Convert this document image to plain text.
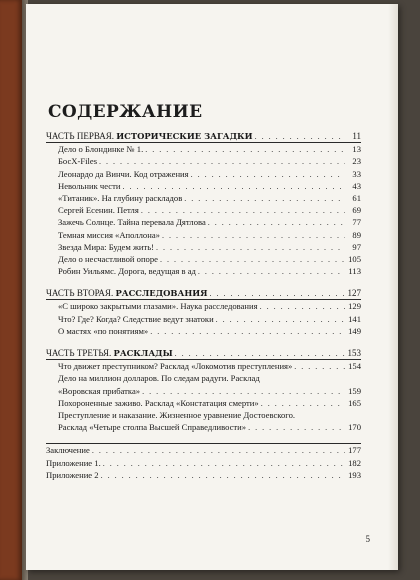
СОДЕРЖАНИЕ
ЧАСТЬ ПЕРВАЯ. ИСТОРИЧЕСКИЕ ЗАГАДКИ . . .	11
Дело о Блондинке № 1. . . .	13
БосХ-Files . . .	23
Леонардо да Винчи. Код отражения . . .	33
Невольник чести . . .	43
«Титаник». На глубину раскладов . . .	61
Сергей Есенин. Петля . . .	69
Зажечь Солнце. Тайна перевала Дятлова . . .	77
Темная миссия «Аполлона» . . .	89
Звезда Мира: Будем жить! . . .	97
Дело о несчастливой опоре . . .	105
Робин Уильямс. Дорога, ведущая в ад . . .	113
ЧАСТЬ ВТОРАЯ. РАССЛЕДОВАНИЯ . . .	127
«С широко закрытыми глазами». Наука расследования . . .	129
Что? Где? Когда? Следствие ведут знатоки . . .	141
О мастях «по понятиям» . . .	149
ЧАСТЬ ТРЕТЬЯ. РАСКЛАДЫ . . .	153
Что движет преступником? Расклад «Локомотив преступления» . . .	154
Дело на миллион долларов. По следам радуги. Расклад
«Воровская прибатка» . . .	159
Похороненные заживо. Расклад «Констатация смерти» . . .	165
Преступление и наказание. Жизненное уравнение Достоевского.
Расклад «Четыре столпа Высшей Справедливости» . . .	170
Заключение . . .	177
Приложение 1. . . .	182
Приложение 2 . . .	193
5
